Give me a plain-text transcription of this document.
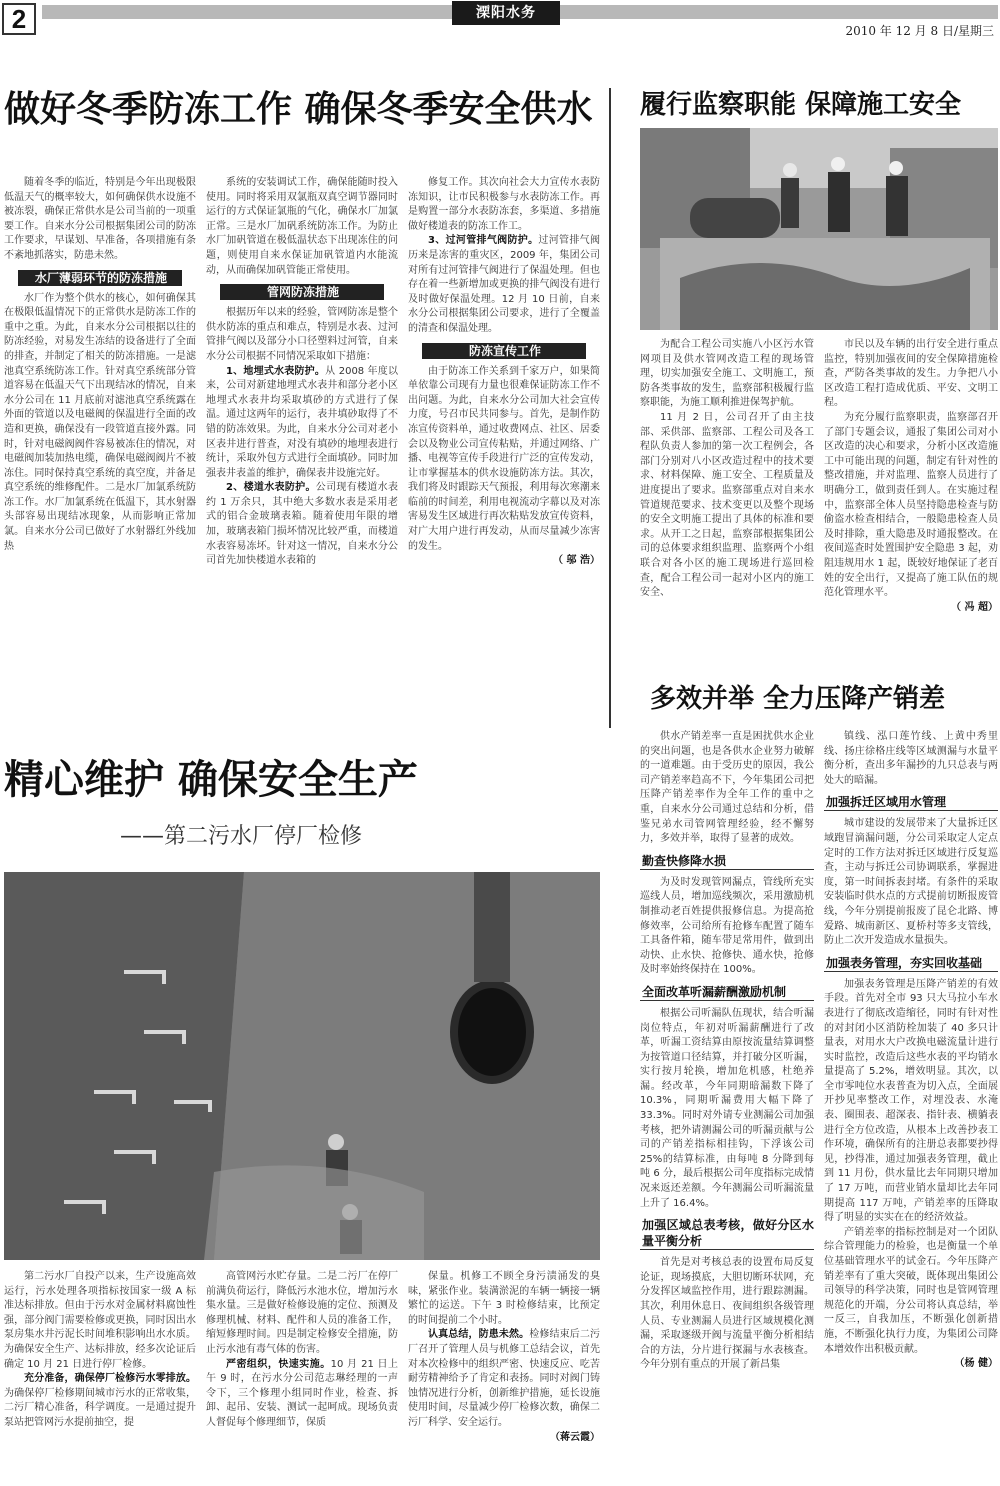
2	溧阳水务
2010 年 12 月 8 日/星期三
做好冬季防冻工作 确保冬季安全供水

随着冬季的临近，特别是今年出现极限低温天气的概率较大，如何确保供水设施不被冻裂，确保正常供水是公司当前的一项重要工作。自来水分公司根据集团公司的防冻工作要求，早谋划、早准备，各项措施有条不紊地抓落实，防患未然。

水厂薄弱环节的防冻措施

水厂作为整个供水的核心，如何确保其在极限低温情况下的正常供水是防冻工作的重中之重。为此，自来水分公司根据以往的防冻经验，对易发生冻结的设备进行了全面的排查，并制定了相关的防冻措施。一是滤池真空系统防冻工作。针对真空系统部分管道容易在低温天气下出现结冰的情况，自来水分公司在 11 月底前对滤池真空系统露在外面的管道以及电磁阀的保温进行全面的改造和更换，确保没有一段管道直接外露。同时，针对电磁阀阀件容易被冻住的情况，对电磁阀加装加热电缆，确保电磁阀阀片不被冻住。同时保持真空系统的真空度，并备足真空系统的维修配件。二是水厂加氯系统防冻工作。水厂加氯系统在低温下，其水射器头部容易出现结冰现象，从而影响正常加氯。自来水分公司已做好了水射器红外线加热

系统的安装调试工作，确保能随时投入使用。同时将采用双氯瓶双真空调节器同时运行的方式保证氯瓶的气化，确保水厂加氯正常。三是水厂加矾系统防冻工作。为防止水厂加矾管道在极低温状态下出现冻住的问题，则使用自来水保证加矾管道内水能流动，从而确保加矾管能正常使用。

管网防冻措施

根据历年以来的经验，管网防冻是整个供水防冻的重点和难点，特别是水表、过河管排气阀以及部分小口径塑料过河管，自来水分公司根据不同情况采取如下措施：

1、地埋式水表防护。从 2008 年度以来，公司对新建地埋式水表井和部分老小区地埋式水表井均采取填砂的方式进行了保温。通过这两年的运行，表井填砂取得了不错的防冻效果。为此，自来水分公司对老小区表井进行普查，对没有填砂的地埋表进行统计，采取外包方式进行全面填砂。同时加强表井表盖的维护，确保表井设施完好。

2、楼道水表防护。公司现有楼道水表约 1 万余只，其中绝大多数水表是采用老式的铝合金玻璃表箱。随着使用年限的增加，玻璃表箱门损坏情况比较严重，而楼道水表容易冻坏。针对这一情况，自来水分公司首先加快楼道水表箱的

修复工作。其次向社会大力宣传水表防冻知识，让市民积极参与水表防冻工作。再是购置一部分水表防冻套，多渠道、多措施做好楼道表的防冻工作工。

3、过河管排气阀防护。过河管排气阀历来是冻害的重灾区，2009 年，集团公司对所有过河管排气阀进行了保温处理。但也存在着一些新增加或更换的排气阀没有进行及时做好保温处理。12 月 10 日前，自来水分公司根据集团公司要求，进行了全覆盖的清查和保温处理。

防冻宣传工作

由于防冻工作关系到千家万户，如果简单依靠公司现有力量也很难保证防冻工作不出问题。为此，自来水分公司加大社会宣传力度，号召市民共同参与。首先，是制作防冻宣传资料单，通过收费网点、社区、居委会以及物业公司宣传粘贴，并通过网络、广播、电视等宣传手段进行广泛的宣传发动，让市掌握基本的供水设施防冻方法。其次，我们将及时跟踪天气预报，利用每次寒潮来临前的时间差，利用电视流动字幕以及对冻害易发生区域进行再次粘贴发放宣传资料，对广大用户进行再发动，从而尽量减少冻害的发生。

（ 邬 浩）
履行监察职能 保障施工安全

为配合工程公司实施八小区污水管网项目及供水管网改造工程的现场管理，切实加强安全施工、文明施工，预防各类事故的发生，监察部积极履行监察职能，为施工顺利推进保驾护航。

11 月 2 日，公司召开了由主技部、采供部、监察部、工程公司及各工程队负责人参加的第一次工程例会，各部门分别对八小区改造过程中的技术要求、材料保障、施工安全、工程质量及进度提出了要求。监察部重点对自来水管道规范要求、技术变更以及整个现场的安全文明施工提出了具体的标准和要求。从开工之日起，监察部根据集团公司的总体要求组织监理、监察两个小组联合对各小区的施工现场进行巡回检查，配合工程公司一起对小区内的施工安全、

市民以及车辆的出行安全进行重点监控，特别加强夜间的安全保障措施检查，严防各类事故的发生。力争把八小区改造工程打造成优质、平安、文明工程。

为充分履行监察职责，监察部召开了部门专题会议，通报了集团公司对小区改造的决心和要求，分析小区改造施工中可能出现的问题，制定有针对性的整改措施，并对监理、监察人员进行了明确分工，做到责任到人。在实施过程中，监察部全体人员坚持隐患检查与防偷盗水检查相结合，一般隐患检查人员及时排除，重大隐患及时通报整改。在夜间巡查时处置围护安全隐患 3 起，劝阻违规用水 1 起，既较好地保证了老百姓的安全出行，又提高了施工队伍的规范化管理水平。

（ 冯 超）
多效并举 全力压降产销差

供水产销差率一直是困扰供水企业的突出问题，也是各供水企业努力破解的一道难题。由于受历史的原因，我公司产销差率趋高不下，今年集团公司把压降产销差率作为全年工作的重中之重，自来水分公司通过总结和分析，借鉴兄弟水司管网管理经验，经不懈努力，多效并举，取得了显著的成效。

勤查快修降水损

为及时发现管网漏点，管线所充实巡线人员，增加巡线频次，采用激励机制推动老百姓提供报修信息。为提高抢修效率，公司给所有抢修车配置了随车工具备件箱，随车带足常用件，做到出动快、止水快、抢修快、通水快，抢修及时率始终保持在 100%。

全面改革听漏薪酬激励机制

根据公司听漏队伍现状，结合听漏岗位特点，年初对听漏薪酬进行了改革，听漏工资结算由原按流量结算调整为按管道口径结算，并打破分区听漏，实行按月轮换，增加危机感，杜绝养漏。经改革，今年同期暗漏数下降了 10.3%，同期听漏费用大幅下降了 33.3%。同时对外请专业测漏公司加强考核，把外请测漏公司的听漏贡献与公司的产销差指标相挂钩，下浮该公司 25%的结算标准，由每吨 8 分降到每吨 6 分，最后根据公司年度指标完成情况来返还差额。今年测漏公司听漏流量上升了 16.4%。

加强区域总表考核，做好分区水量平衡分析

首先是对考核总表的设置布局反复论证，现场摸底，大胆切断环状网，充分发挥区域监控作用，进行跟踪测漏。其次，利用休息日、夜间组织各级管理人员、专业测漏人员进行区域规模化测漏，采取逐级开阀与流量平衡分析相结合的方法，分片进行探漏与水表核查。今年分别有重点的开展了新昌集

镇线、泓口莲竹线、上黄中秀里线、扬庄徐格庄线等区域测漏与水量平衡分析，查出多年漏抄的九只总表与两处大的暗漏。

加强拆迁区域用水管理

城市建设的发展带来了大量拆迁区域跑冒滴漏问题，分公司采取定人定点定时的工作方法对拆迁区域进行反复巡查，主动与拆迁公司协调联系，掌握进度，第一时间拆表封堵。有条件的采取安装临时供水点的方式提前切断报废管线，今年分别提前报废了昆仑北路、博爱路、城南新区、夏桥村等多支管线，防止二次开发造成水量损失。

加强表务管理，夯实回收基础

加强表务管理是压降产销差的有效手段。首先对全市 93 只大马拉小车水表进行了彻底改造缩径，同时有针对性的对封闭小区消防栓加装了 40 多只计量表，对用水大户改换电磁流量计进行实时监控，改造后这些水表的平均销水量提高了 5.2%，增效明显。其次，以全市零吨位水表普查为切入点，全面展开抄见率整改工作，对埋没表、水淹表、圈围表、超深表、指针表、横躺表进行全方位改造，从根本上改善抄表工作环境，确保所有的注册总表都要抄得见，抄得准，通过加强表务管理，截止到 11 月份，供水量比去年同期只增加了 17 万吨，而营业销水量却比去年同期提高 117 万吨，产销差率的压降取得了明显的实实在在的经济效益。

产销差率的指标控制是对一个团队综合管理能力的检验，也是衡量一个单位基础管理水平的试金石。今年压降产销差率有了重大突破，既体现出集团公司领导的科学决策，同时也是管网管理规范化的开端，分公司将认真总结，举一反三，自我加压，不断强化创新措施，不断强化执行力度，为集团公司降本增效作出积极贡献。

（杨 健）
精心维护 确保安全生产
——第二污水厂停厂检修

第二污水厂自投产以来，生产设施高效运行，污水处理各项指标按国家一级 A 标准达标排放。但由于污水对金属材料腐蚀性强，部分阀门需要检修或更换，同时因出水泵房集水井污泥长时间堆积影响出水水质。为确保安全生产、达标排放，经多次论证后确定 10 月 21 日进行停厂检修。

充分准备，确保停厂检修污水零排放。为确保停厂检修期间城市污水的正常收集，二污厂精心准备，科学调度。一是通过提升泵站把管网污水提前抽空，提

高管网污水贮存量。二是二污厂在停厂前满负荷运行，降低污水池水位，增加污水集水量。三是做好检修设施的定位、预测及修理机械、材料、配件和人员的准备工作，缩短修理时间。四是制定检修安全措施，防止污水池有毒气体的伤害。

严密组织，快速实施。10 月 21 日上午 9 时，在污水分公司范志琳经理的一声令下，三个修理小组同时作业，检查、拆卸、起吊、安装、测试一起呵成。现场负责人督促每个修理细节，保质

保量。机修工不顾全身污渍涌发的臭味，紧张作业。装满淤泥的车辆一辆接一辆繁忙的运送。下午 3 时检修结束，比预定的时间提前二个小时。

认真总结，防患未然。检修结束后二污厂召开了管理人员与机修工总结会议，首先对本次检修中的组织严密、快速反应、吃苦耐劳精神给予了肯定和表扬。同时对阀门铸蚀情况进行分析，创新维护措施，延长设施使用时间，尽量减少停厂检修次数，确保二污厂科学、安全运行。

（蒋云霞）
